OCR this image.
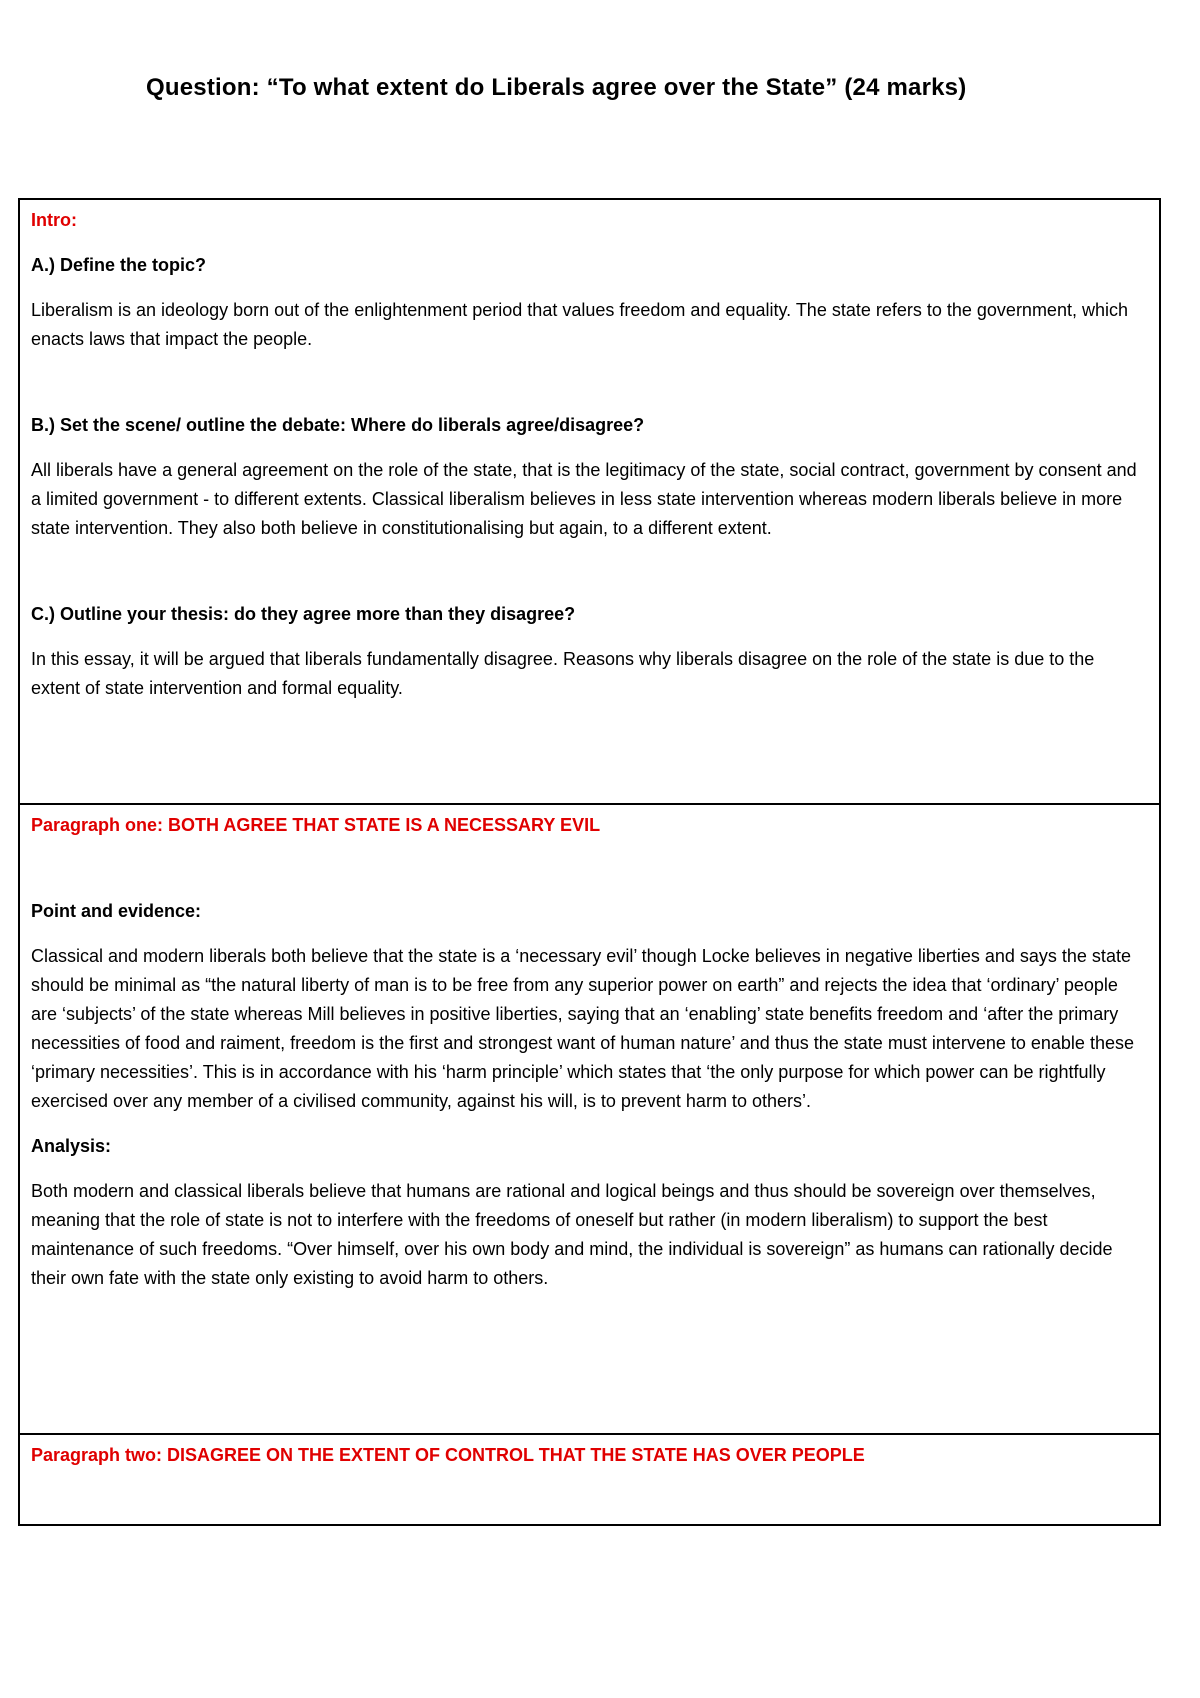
Question: “To what extent do Liberals agree over the State” (24 marks)

Intro:

A.) Define the topic?

Liberalism is an ideology born out of the enlightenment period that values freedom and equality. The state refers to the government, which enacts laws that impact the people.

B.) Set the scene/ outline the debate: Where do liberals agree/disagree?

All liberals have a general agreement on the role of the state, that is the legitimacy of the state, social contract, government by consent and a limited government - to different extents. Classical liberalism believes in less state intervention whereas modern liberals believe in more state intervention. They also both believe in constitutionalising but again, to a different extent.

C.) Outline your thesis: do they agree more than they disagree?

In this essay, it will be argued that liberals fundamentally disagree. Reasons why liberals disagree on the role of the state is due to the extent of state intervention and formal equality.

Paragraph one: BOTH AGREE THAT STATE IS A NECESSARY EVIL

Point and evidence:

Classical and modern liberals both believe that the state is a ‘necessary evil’ though Locke believes in negative liberties and says the state should be minimal as “the natural liberty of man is to be free from any superior power on earth” and rejects the idea that ‘ordinary’ people are ‘subjects’ of the state whereas Mill believes in positive liberties, saying that an ‘enabling’ state benefits freedom and ‘after the primary necessities of food and raiment, freedom is the first and strongest want of human nature’ and thus the state must intervene to enable these ‘primary necessities’. This is in accordance with his ‘harm principle’ which states that ‘the only purpose for which power can be rightfully exercised over any member of a civilised community, against his will, is to prevent harm to others’.

Analysis:

Both modern and classical liberals believe that humans are rational and logical beings and thus should be sovereign over themselves, meaning that the role of state is not to interfere with the freedoms of oneself but rather (in modern liberalism) to support the best maintenance of such freedoms. “Over himself, over his own body and mind, the individual is sovereign” as humans can rationally decide their own fate with the state only existing to avoid harm to others.

Paragraph two: DISAGREE ON THE EXTENT OF CONTROL THAT THE STATE HAS OVER PEOPLE
